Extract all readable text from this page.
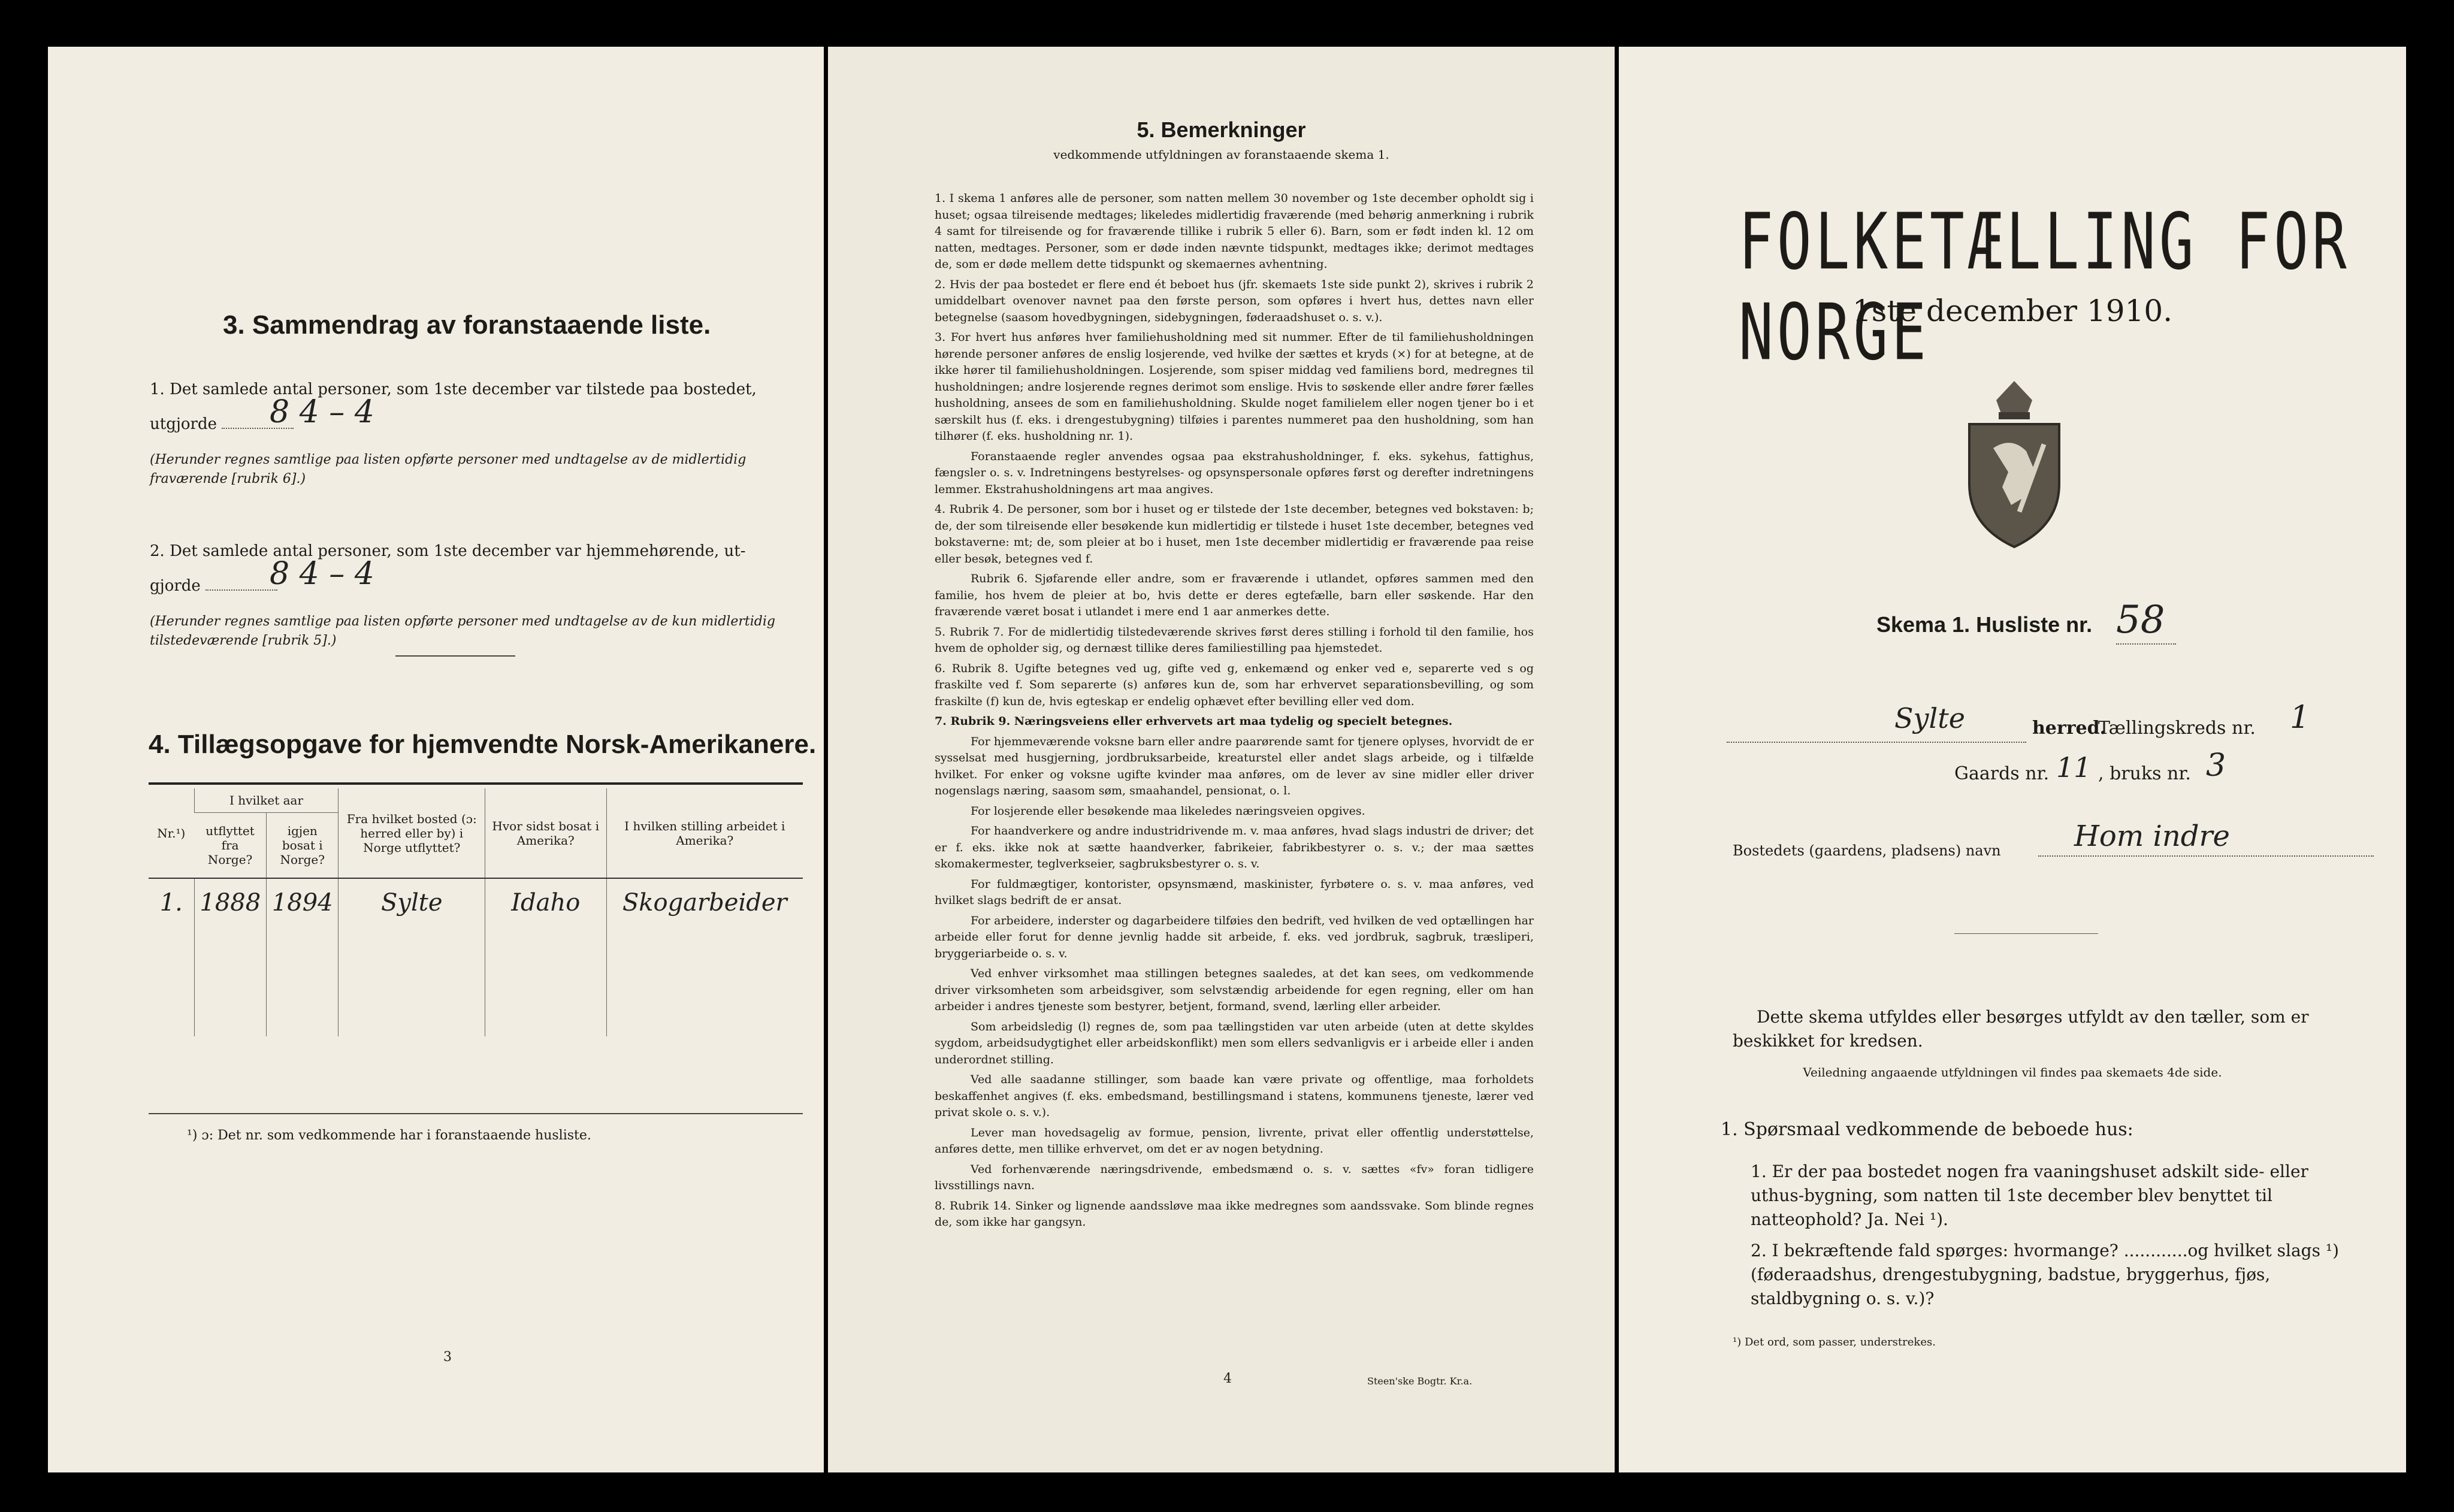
3. Sammendrag av foranstaaende liste.
1. Det samlede antal personer, som 1ste december var tilstede paa bostedet,
utgjorde 8 4 – 4
(Herunder regnes samtlige paa listen opførte personer med undtagelse av de midlertidig fraværende [rubrik 6].)
2. Det samlede antal personer, som 1ste december var hjemmehørende, ut-
gjorde 8 4 – 4
(Herunder regnes samtlige paa listen opførte personer med undtagelse av de kun midlertidig tilstedeværende [rubrik 5].)
4. Tillægsopgave for hjemvendte Norsk-Amerikanere.
Nr.¹)	I hvilket aar		Fra hvilket bosted (ɔ: herred eller by) i Norge utflyttet?	Hvor sidst bosat i Amerika?	I hvilken stilling arbeidet i Amerika?
	utflyttet fra Norge?	igjen bosat i Norge?			
1.	1888	1894	Sylte	Idaho	Skogarbeider

¹) ɔ: Det nr. som vedkommende har i foranstaaende husliste.
3
5. Bemerkninger
vedkommende utfyldningen av foranstaaende skema 1.

1. I skema 1 anføres alle de personer, som natten mellem 30 november og 1ste december opholdt sig i huset; ogsaa tilreisende medtages; likeledes midlertidig fraværende (med behørig anmerkning i rubrik 4 samt for tilreisende og for fraværende tillike i rubrik 5 eller 6). Barn, som er født inden kl. 12 om natten, medtages. Personer, som er døde inden nævnte tidspunkt, medtages ikke; derimot medtages de, som er døde mellem dette tidspunkt og skemaernes avhentning.

2. Hvis der paa bostedet er flere end ét beboet hus (jfr. skemaets 1ste side punkt 2), skrives i rubrik 2 umiddelbart ovenover navnet paa den første person, som opføres i hvert hus, dettes navn eller betegnelse (saasom hovedbygningen, sidebygningen, føderaadshuset o. s. v.).

3. For hvert hus anføres hver familiehusholdning med sit nummer. Efter de til familiehusholdningen hørende personer anføres de enslig losjerende, ved hvilke der sættes et kryds (×) for at betegne, at de ikke hører til familiehusholdningen. Losjerende, som spiser middag ved familiens bord, medregnes til husholdningen; andre losjerende regnes derimot som enslige. Hvis to søskende eller andre fører fælles husholdning, ansees de som en familiehusholdning. Skulde noget familielem eller nogen tjener bo i et særskilt hus (f. eks. i drengestubygning) tilføies i parentes nummeret paa den husholdning, som han tilhører (f. eks. husholdning nr. 1).

Foranstaaende regler anvendes ogsaa paa ekstrahusholdninger, f. eks. sykehus, fattighus, fængsler o. s. v. Indretningens bestyrelses- og opsynspersonale opføres først og derefter indretningens lemmer. Ekstrahusholdningens art maa angives.

4. Rubrik 4. De personer, som bor i huset og er tilstede der 1ste december, betegnes ved bokstaven: b; de, der som tilreisende eller besøkende kun midlertidig er tilstede i huset 1ste december, betegnes ved bokstaverne: mt; de, som pleier at bo i huset, men 1ste december midlertidig er fraværende paa reise eller besøk, betegnes ved f.

Rubrik 6. Sjøfarende eller andre, som er fraværende i utlandet, opføres sammen med den familie, hos hvem de pleier at bo, hvis dette er deres egtefælle, barn eller søskende. Har den fraværende været bosat i utlandet i mere end 1 aar anmerkes dette.

5. Rubrik 7. For de midlertidig tilstedeværende skrives først deres stilling i forhold til den familie, hos hvem de opholder sig, og dernæst tillike deres familiestilling paa hjemstedet.

6. Rubrik 8. Ugifte betegnes ved ug, gifte ved g, enkemænd og enker ved e, separerte ved s og fraskilte ved f. Som separerte (s) anføres kun de, som har erhvervet separationsbevilling, og som fraskilte (f) kun de, hvis egteskap er endelig ophævet efter bevilling eller ved dom.

7. Rubrik 9. Næringsveiens eller erhvervets art maa tydelig og specielt betegnes.

For hjemmeværende voksne barn eller andre paarørende samt for tjenere oplyses, hvorvidt de er sysselsat med husgjerning, jordbruksarbeide, kreaturstel eller andet slags arbeide, og i tilfælde hvilket. For enker og voksne ugifte kvinder maa anføres, om de lever av sine midler eller driver nogenslags næring, saasom søm, smaahandel, pensionat, o. l.

For losjerende eller besøkende maa likeledes næringsveien opgives.

For haandverkere og andre industridrivende m. v. maa anføres, hvad slags industri de driver; det er f. eks. ikke nok at sætte haandverker, fabrikeier, fabrikbestyrer o. s. v.; der maa sættes skomakermester, teglverkseier, sagbruksbestyrer o. s. v.

For fuldmægtiger, kontorister, opsynsmænd, maskinister, fyrbøtere o. s. v. maa anføres, ved hvilket slags bedrift de er ansat.

For arbeidere, inderster og dagarbeidere tilføies den bedrift, ved hvilken de ved optællingen har arbeide eller forut for denne jevnlig hadde sit arbeide, f. eks. ved jordbruk, sagbruk, træsliperi, bryggeriarbeide o. s. v.

Ved enhver virksomhet maa stillingen betegnes saaledes, at det kan sees, om vedkommende driver virksomheten som arbeidsgiver, som selvstændig arbeidende for egen regning, eller om han arbeider i andres tjeneste som bestyrer, betjent, formand, svend, lærling eller arbeider.

Som arbeidsledig (l) regnes de, som paa tællingstiden var uten arbeide (uten at dette skyldes sygdom, arbeidsudygtighet eller arbeidskonflikt) men som ellers sedvanligvis er i arbeide eller i anden underordnet stilling.

Ved alle saadanne stillinger, som baade kan være private og offentlige, maa forholdets beskaffenhet angives (f. eks. embedsmand, bestillingsmand i statens, kommunens tjeneste, lærer ved privat skole o. s. v.).

Lever man hovedsagelig av formue, pension, livrente, privat eller offentlig understøttelse, anføres dette, men tillike erhvervet, om det er av nogen betydning.

Ved forhenværende næringsdrivende, embedsmænd o. s. v. sættes «fv» foran tidligere livsstillings navn.

8. Rubrik 14. Sinker og lignende aandssløve maa ikke medregnes som aandssvake. Som blinde regnes de, som ikke har gangsyn.

4	Steen'ske Bogtr. Kr.a.
FOLKETÆLLING FOR NORGE
1ste december 1910.
Skema 1. Husliste nr. 58
Sylte	herred.
Tællingskreds nr. 1
Gaards nr. 11 , bruks nr. 3
Bostedets (gaardens, pladsens) navn	Hom indre
Dette skema utfyldes eller besørges utfyldt av den tæller, som er beskikket for kredsen.
Veiledning angaaende utfyldningen vil findes paa skemaets 4de side.
1. Spørsmaal vedkommende de beboede hus:
1. Er der paa bostedet nogen fra vaaningshuset adskilt side- eller uthus-bygning, som natten til 1ste december blev benyttet til natteophold? Ja. Nei ¹).
2. I bekræftende fald spørges: hvormange? ............og hvilket slags ¹) (føderaadshus, drengestubygning, badstue, bryggerhus, fjøs, staldbygning o. s. v.)?
¹) Det ord, som passer, understrekes.
